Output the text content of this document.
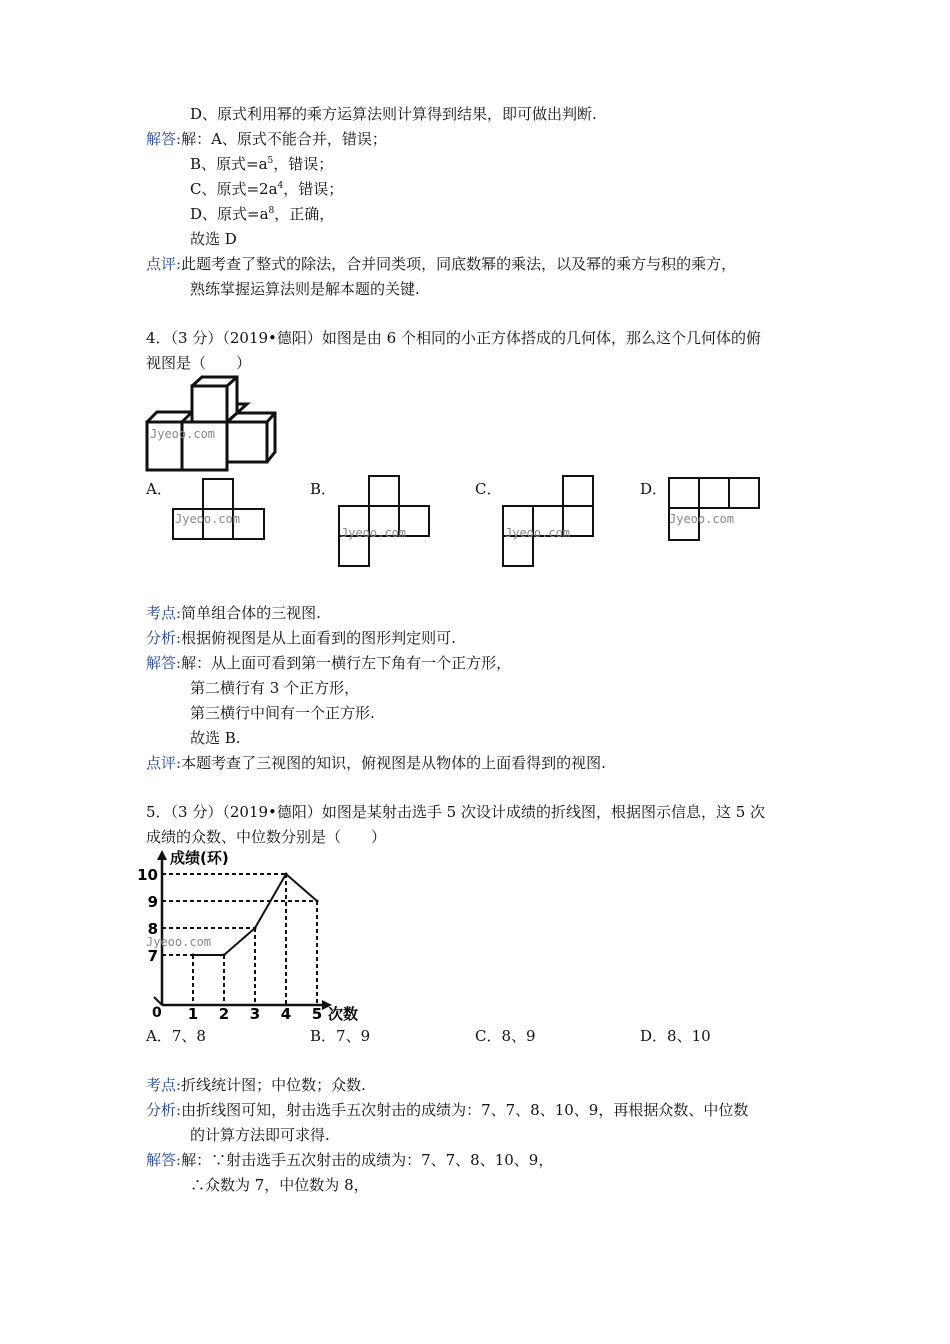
D、原式利用幂的乘方运算法则计算得到结果，即可做出判断.
解答:解：A、原式不能合并，错误；
B、原式$=a^5$，错误；
C、原式$=2a^4$，错误；
D、原式$=a^8$，正确，
故选 D
点评:此题考查了整式的除法，合并同类项，同底数幂的乘法，以及幂的乘方与积的乘方，
熟练掌握运算法则是解本题的关键.
4．（3 分）（2019•德阳）如图是由 6 个相同的小正方体搭成的几何体，那么这个几何体的俯
视图是（　　）
Jyeoo.com
A．
Jyeoo.com
B．
Jyeoo.com
C．
Jyeoo.com
D．
Jyeoo.com
考点:简单组合体的三视图.
分析:根据俯视图是从上面看到的图形判定则可.
解答:解：从上面可看到第一横行左下角有一个正方形，
第二横行有 3 个正方形，
第三横行中间有一个正方形.
故选 B.
点评:本题考查了三视图的知识，俯视图是从物体的上面看得到的视图.
5．（3 分）（2019•德阳）如图是某射击选手 5 次设计成绩的折线图，根据图示信息，这 5 次
成绩的众数、中位数分别是（　　）
7
8
9
10
1 2 3 4 5
0
成绩(环)
次数
Jyeoo.com
A．7、8	B．7、9	C．8、9	D．8、10
考点:折线统计图；中位数；众数.
分析:由折线图可知，射击选手五次射击的成绩为：7、7、8、10、9，再根据众数、中位数
的计算方法即可求得.
解答:解：∵射击选手五次射击的成绩为：7、7、8、10、9，
∴众数为 7，中位数为 8，
